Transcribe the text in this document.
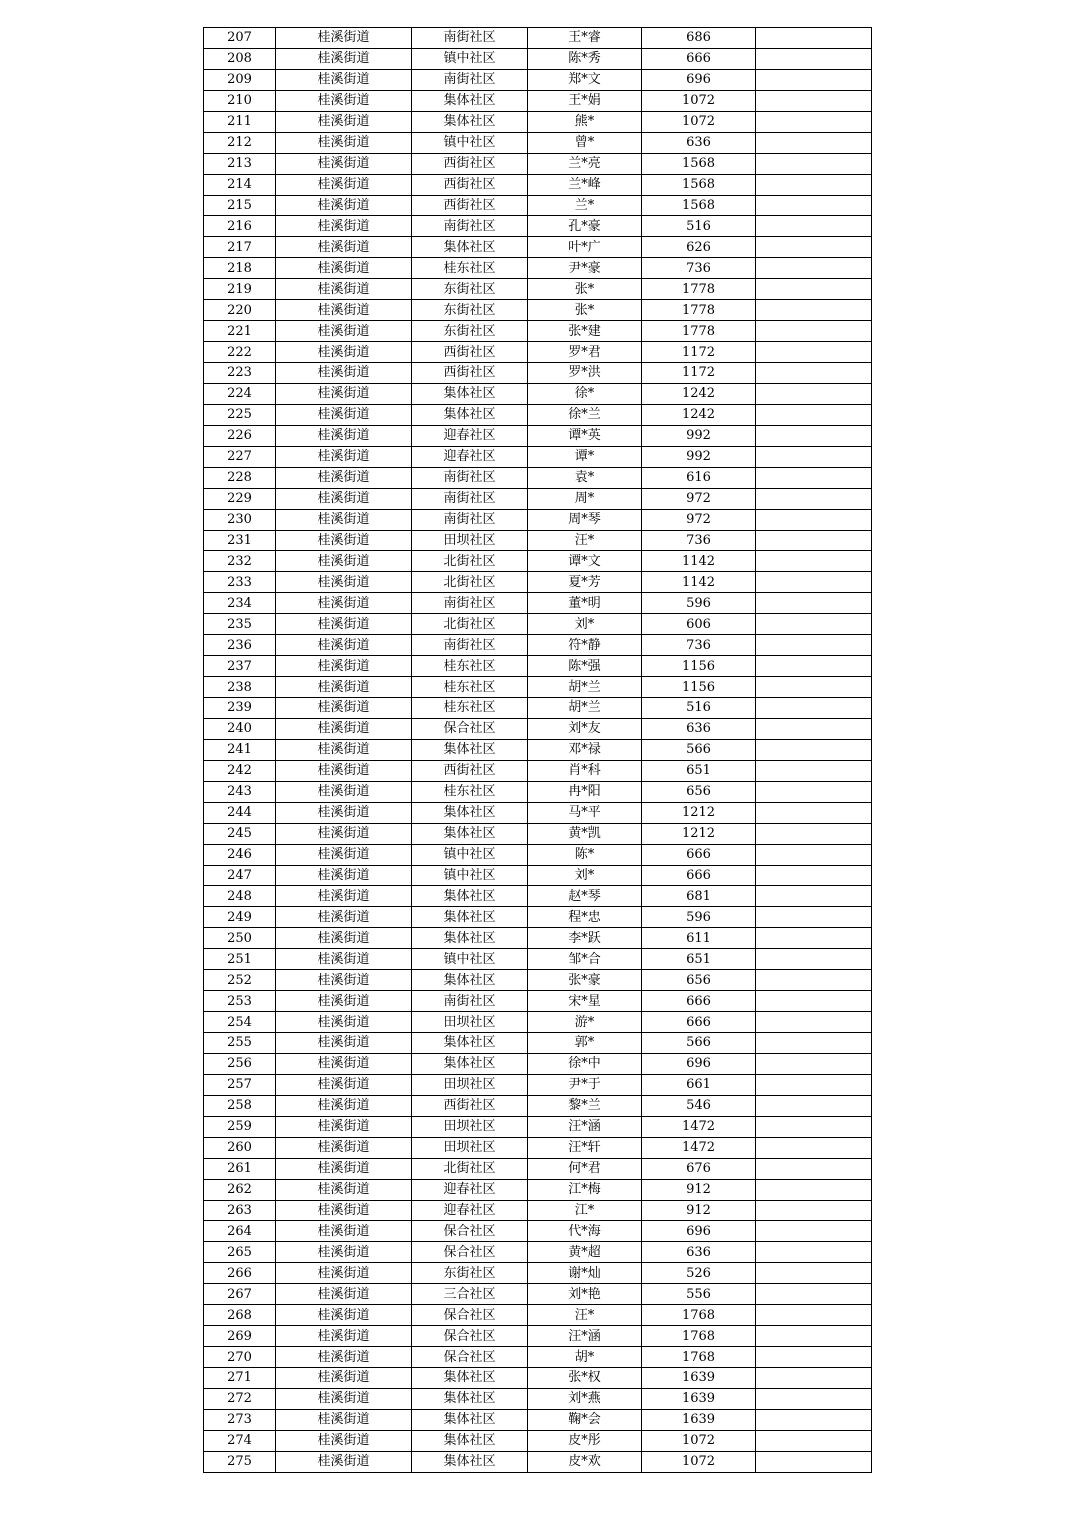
207	桂溪街道	南街社区	王*睿	686	
208	桂溪街道	镇中社区	陈*秀	666	
209	桂溪街道	南街社区	郑*文	696	
210	桂溪街道	集体社区	王*娟	1072	
211	桂溪街道	集体社区	熊*	1072	
212	桂溪街道	镇中社区	曾*	636	
213	桂溪街道	西街社区	兰*亮	1568	
214	桂溪街道	西街社区	兰*峰	1568	
215	桂溪街道	西街社区	兰*	1568	
216	桂溪街道	南街社区	孔*豪	516	
217	桂溪街道	集体社区	叶*广	626	
218	桂溪街道	桂东社区	尹*豪	736	
219	桂溪街道	东街社区	张*	1778	
220	桂溪街道	东街社区	张*	1778	
221	桂溪街道	东街社区	张*建	1778	
222	桂溪街道	西街社区	罗*君	1172	
223	桂溪街道	西街社区	罗*洪	1172	
224	桂溪街道	集体社区	徐*	1242	
225	桂溪街道	集体社区	徐*兰	1242	
226	桂溪街道	迎春社区	谭*英	992	
227	桂溪街道	迎春社区	谭*	992	
228	桂溪街道	南街社区	袁*	616	
229	桂溪街道	南街社区	周*	972	
230	桂溪街道	南街社区	周*琴	972	
231	桂溪街道	田坝社区	汪*	736	
232	桂溪街道	北街社区	谭*文	1142	
233	桂溪街道	北街社区	夏*芳	1142	
234	桂溪街道	南街社区	董*明	596	
235	桂溪街道	北街社区	刘*	606	
236	桂溪街道	南街社区	符*静	736	
237	桂溪街道	桂东社区	陈*强	1156	
238	桂溪街道	桂东社区	胡*兰	1156	
239	桂溪街道	桂东社区	胡*兰	516	
240	桂溪街道	保合社区	刘*友	636	
241	桂溪街道	集体社区	邓*禄	566	
242	桂溪街道	西街社区	肖*科	651	
243	桂溪街道	桂东社区	冉*阳	656	
244	桂溪街道	集体社区	马*平	1212	
245	桂溪街道	集体社区	黄*凯	1212	
246	桂溪街道	镇中社区	陈*	666	
247	桂溪街道	镇中社区	刘*	666	
248	桂溪街道	集体社区	赵*琴	681	
249	桂溪街道	集体社区	程*忠	596	
250	桂溪街道	集体社区	李*跃	611	
251	桂溪街道	镇中社区	邹*合	651	
252	桂溪街道	集体社区	张*豪	656	
253	桂溪街道	南街社区	宋*星	666	
254	桂溪街道	田坝社区	游*	666	
255	桂溪街道	集体社区	郭*	566	
256	桂溪街道	集体社区	徐*中	696	
257	桂溪街道	田坝社区	尹*于	661	
258	桂溪街道	西街社区	黎*兰	546	
259	桂溪街道	田坝社区	汪*涵	1472	
260	桂溪街道	田坝社区	汪*轩	1472	
261	桂溪街道	北街社区	何*君	676	
262	桂溪街道	迎春社区	江*梅	912	
263	桂溪街道	迎春社区	江*	912	
264	桂溪街道	保合社区	代*海	696	
265	桂溪街道	保合社区	黄*超	636	
266	桂溪街道	东街社区	谢*灿	526	
267	桂溪街道	三合社区	刘*艳	556	
268	桂溪街道	保合社区	汪*	1768	
269	桂溪街道	保合社区	汪*涵	1768	
270	桂溪街道	保合社区	胡*	1768	
271	桂溪街道	集体社区	张*权	1639	
272	桂溪街道	集体社区	刘*燕	1639	
273	桂溪街道	集体社区	鞠*会	1639	
274	桂溪街道	集体社区	皮*彤	1072	
275	桂溪街道	集体社区	皮*欢	1072	
